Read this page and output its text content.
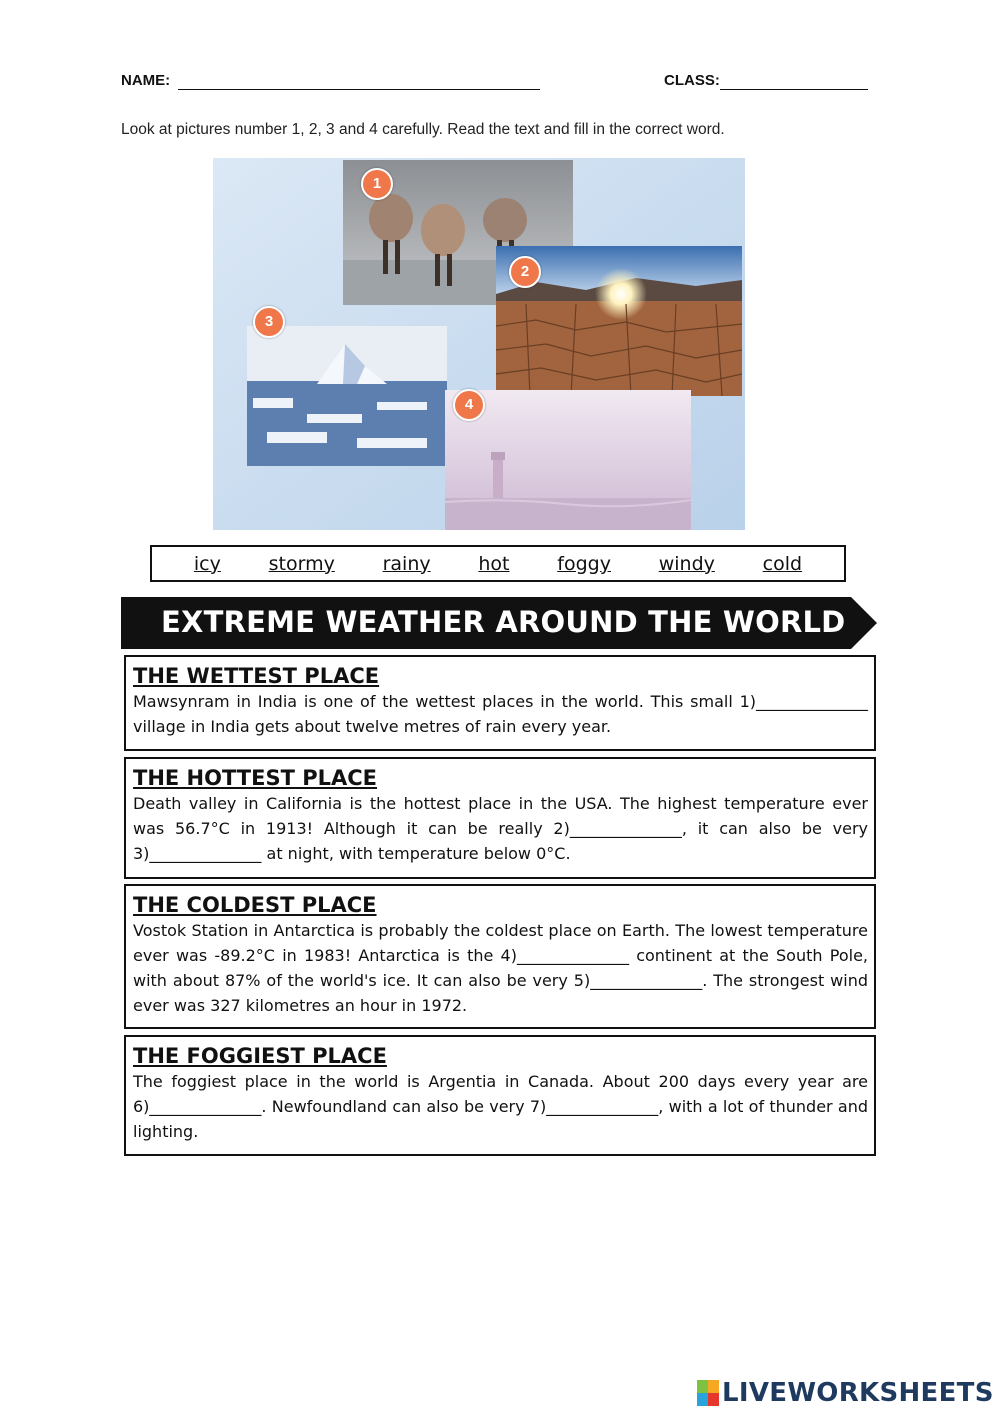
NAME:	CLASS:
Look at pictures number 1, 2, 3 and 4 carefully. Read the text and fill in the correct word.
1
2
3
4
icy	stormy	rainy	hot	foggy	windy	cold
EXTREME WEATHER AROUND THE WORLD

THE WETTEST PLACE

Mawsynram in India is one of the wettest places in the world. This small 1)______________ village in India gets about twelve metres of rain every year.

THE HOTTEST PLACE

Death valley in California is the hottest place in the USA. The highest temperature ever was 56.7°C in 1913! Although it can be really 2)______________, it can also be very 3)______________ at night, with temperature below 0°C.

THE COLDEST PLACE

Vostok Station in Antarctica is probably the coldest place on Earth. The lowest temperature ever was -89.2°C in 1983! Antarctica is the 4)______________ continent at the South Pole, with about 87% of the world's ice. It can also be very 5)______________. The strongest wind ever was 327 kilometres an hour in 1972.

THE FOGGIEST PLACE

The foggiest place in the world is Argentia in Canada. About 200 days every year are 6)______________. Newfoundland can also be very 7)______________, with a lot of thunder and lighting.

LIVEWORKSHEETS
